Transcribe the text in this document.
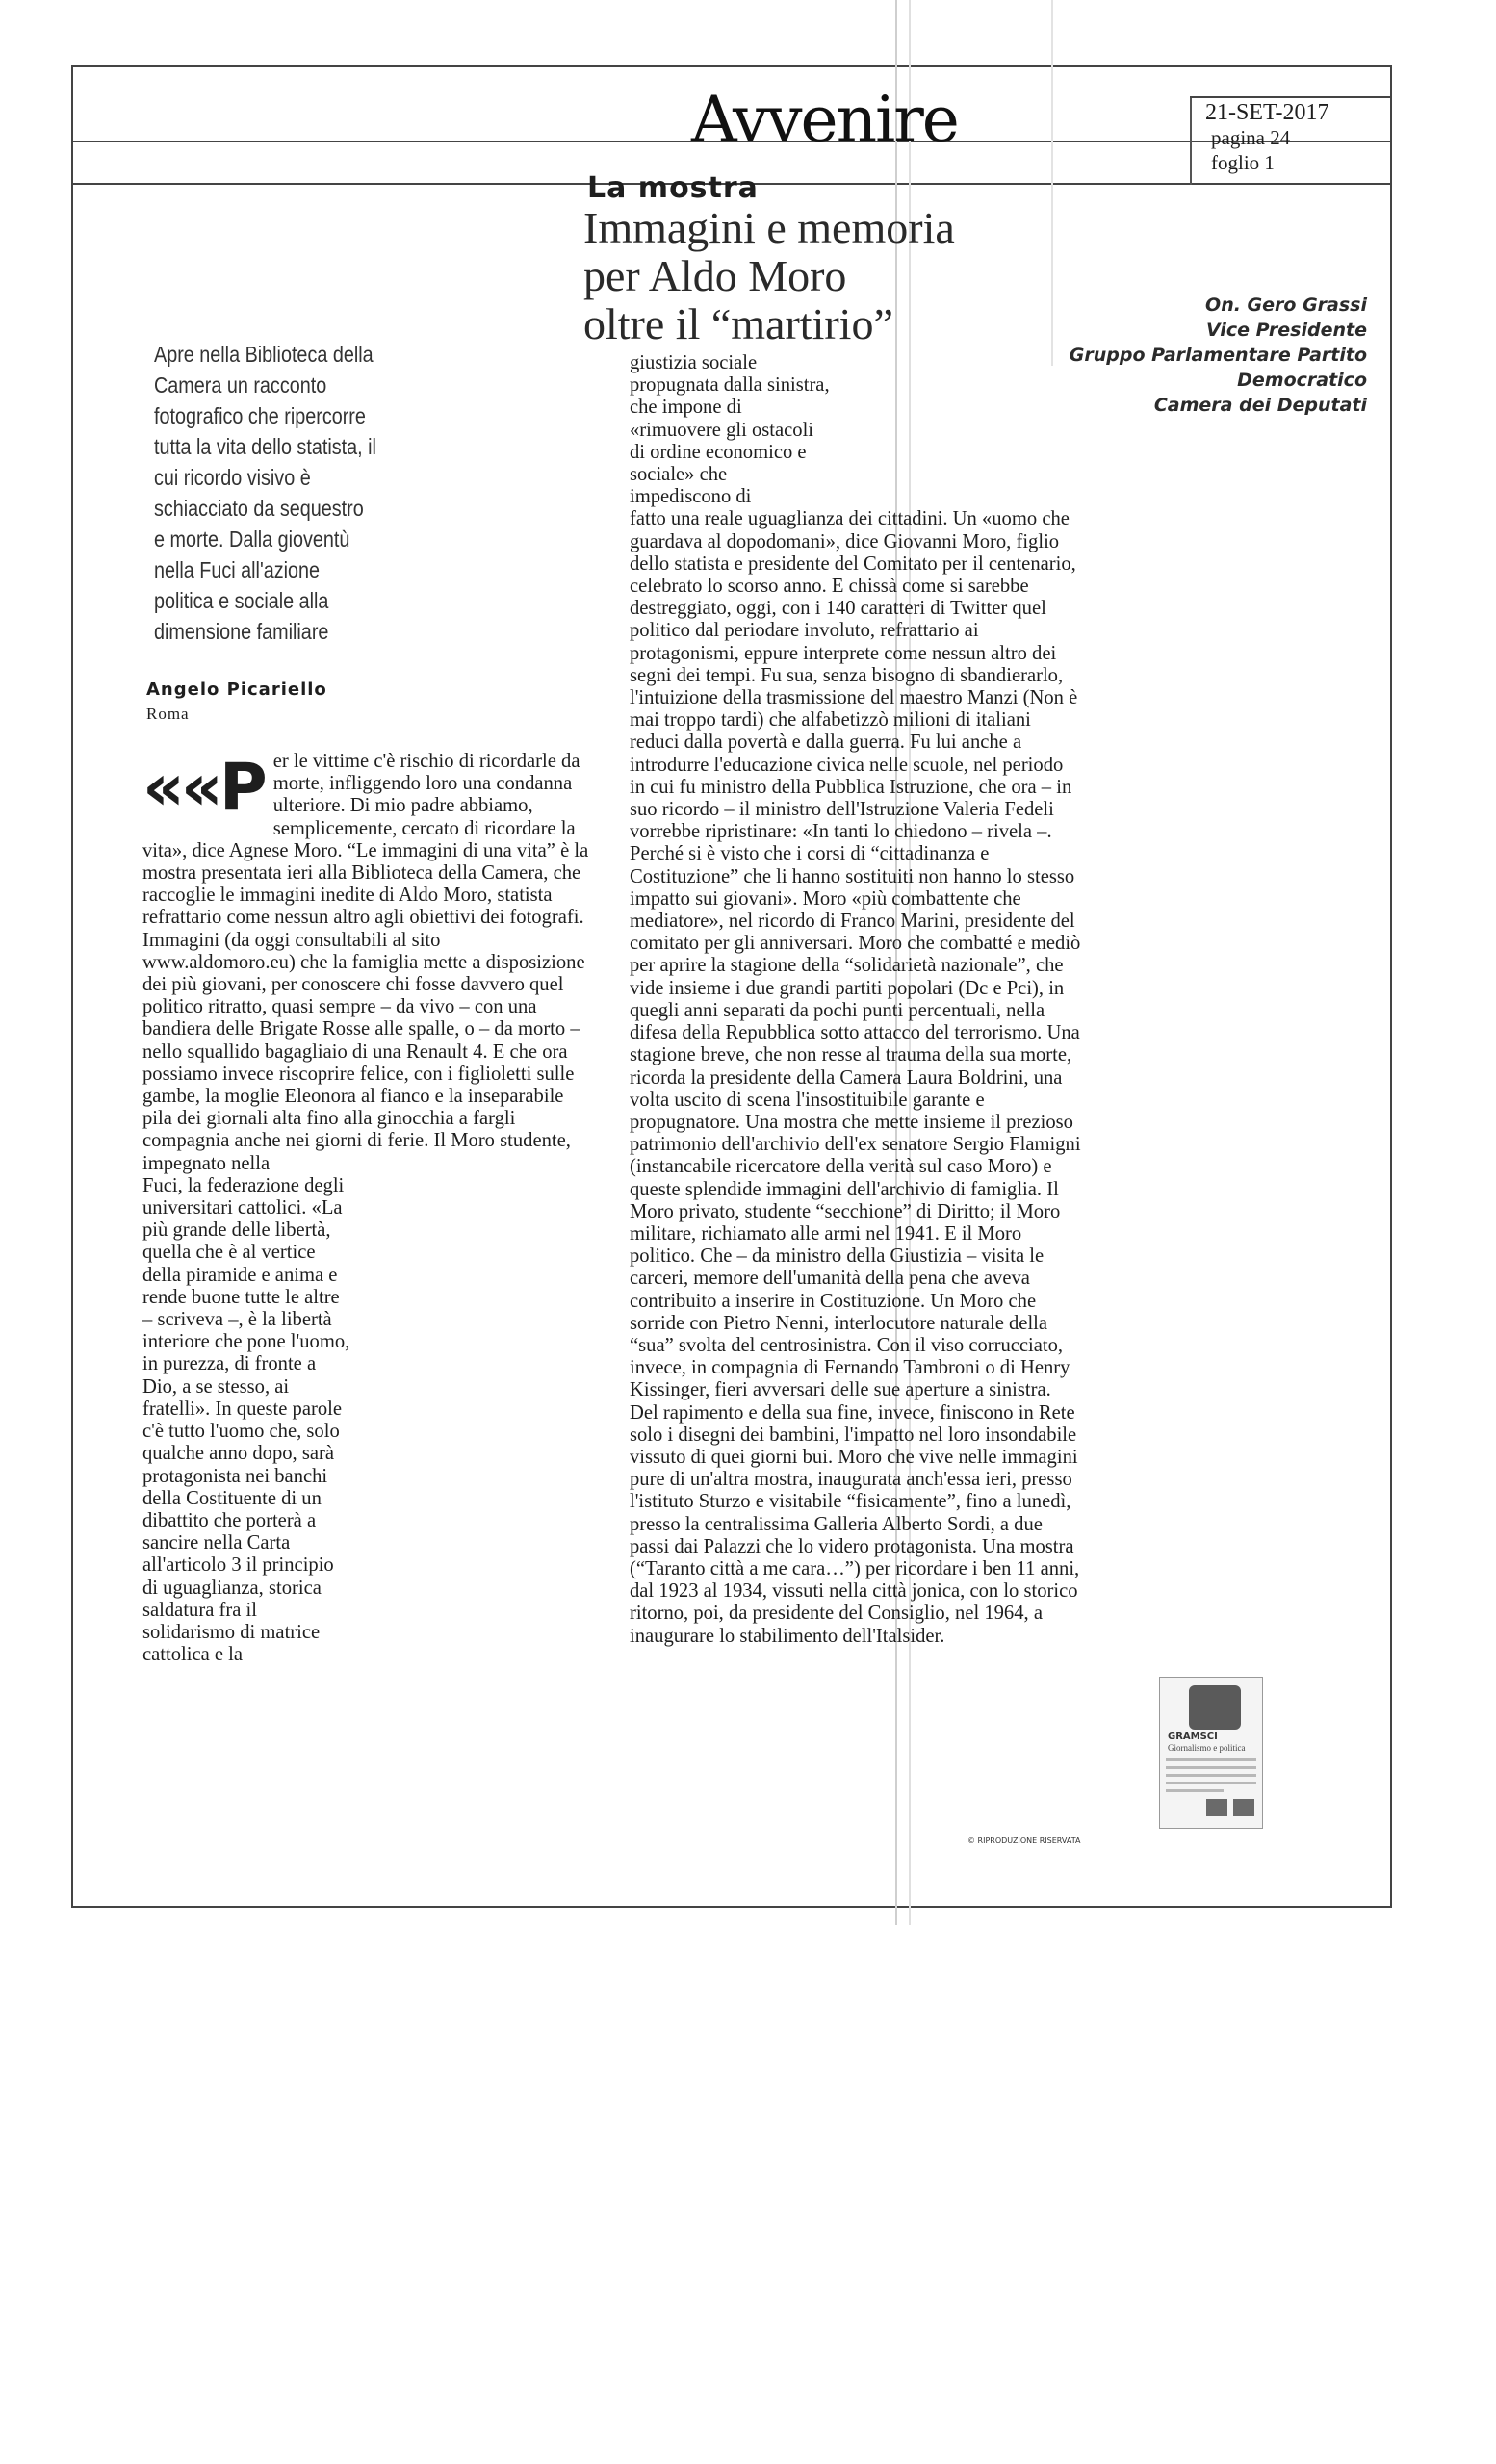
Avvenire	21-SET-2017
pagina 24
foglio 1
La mostra
Immagini e memoria
per Aldo Moro
oltre il “martirio”	On. Gero Grassi
Vice Presidente
Gruppo Parlamentare Partito Democratico
Camera dei Deputati
Apre nella Biblioteca della Camera un racconto fotografico che ripercorre tutta la vita dello statista, il cui ricordo visivo è schiacciato da sequestro e morte. Dalla gioventù nella Fuci all'azione politica e sociale alla dimensione familiare
Angelo Picariello
Roma

««P er le vittime c'è rischio di ricordarle da morte, infliggendo loro una condanna ulteriore. Di mio padre abbiamo, semplicemente, cercato di ricordare la vita», dice Agnese Moro. “Le immagini di una vita” è la mostra presentata ieri alla Biblioteca della Camera, che raccoglie le immagini inedite di Aldo Moro, statista refrattario come nessun altro agli obiettivi dei fotografi. Immagini (da oggi consultabili al sito www.aldomoro.eu) che la famiglia mette a disposizione dei più giovani, per conoscere chi fosse davvero quel politico ritratto, quasi sempre – da vivo – con una bandiera delle Brigate Rosse alle spalle, o – da morto – nello squallido bagagliaio di una Renault 4. E che ora possiamo invece riscoprire felice, con i figlioletti sulle gambe, la moglie Eleonora al fianco e la inseparabile pila dei giornali alta fino alla ginocchia a fargli compagnia anche nei giorni di ferie. Il Moro studente, impegnato nella

Fuci, la federazione degli universitari cattolici. «La più grande delle libertà, quella che è al vertice della piramide e anima e rende buone tutte le altre – scriveva –, è la libertà interiore che pone l'uomo, in purezza, di fronte a Dio, a se stesso, ai fratelli». In queste parole c'è tutto l'uomo che, solo qualche anno dopo, sarà protagonista nei banchi della Costituente di un dibattito che porterà a sancire nella Carta all'articolo 3 il principio di uguaglianza, storica saldatura fra il solidarismo di matrice cattolica e la

giustizia sociale propugnata dalla sinistra, che impone di «rimuovere gli ostacoli di ordine economico e sociale» che impediscono di

fatto una reale uguaglianza dei cittadini. Un «uomo che guardava al dopodomani», dice Giovanni Moro, figlio dello statista e presidente del Comitato per il centenario, celebrato lo scorso anno. E chissà come si sarebbe destreggiato, oggi, con i 140 caratteri di Twitter quel politico dal periodare involuto, refrattario ai protagonismi, eppure interprete come nessun altro dei segni dei tempi. Fu sua, senza bisogno di sbandierarlo, l'intuizione della trasmissione del maestro Manzi (Non è mai troppo tardi) che alfabetizzò milioni di italiani reduci dalla povertà e dalla guerra. Fu lui anche a introdurre l'educazione civica nelle scuole, nel periodo in cui fu ministro della Pubblica Istruzione, che ora – in suo ricordo – il ministro dell'Istruzione Valeria Fedeli vorrebbe ripristinare: «In tanti lo chiedono – rivela –. Perché si è visto che i corsi di “cittadinanza e Costituzione” che li hanno sostituiti non hanno lo stesso impatto sui giovani». Moro «più combattente che mediatore», nel ricordo di Franco Marini, presidente del comitato per gli anniversari. Moro che combatté e mediò per aprire la stagione della “solidarietà nazionale”, che vide insieme i due grandi partiti popolari (Dc e Pci), in quegli anni separati da pochi punti percentuali, nella difesa della Repubblica sotto attacco del terrorismo. Una stagione breve, che non resse al trauma della sua morte, ricorda la presidente della Camera Laura Boldrini, una volta uscito di scena l'insostituibile garante e propugnatore. Una mostra che mette insieme il prezioso patrimonio dell'archivio dell'ex senatore Sergio Flamigni (instancabile ricercatore della verità sul caso Moro) e queste splendide immagini dell'archivio di famiglia. Il Moro privato, studente “secchione” di Diritto; il Moro militare, richiamato alle armi nel 1941. E il Moro politico. Che – da ministro della Giustizia – visita le carceri, memore dell'umanità della pena che aveva contribuito a inserire in Costituzione. Un Moro che sorride con Pietro Nenni, interlocutore naturale della “sua” svolta del centrosinistra. Con il viso corrucciato, invece, in compagnia di Fernando Tambroni o di Henry Kissinger, fieri avversari delle sue aperture a sinistra. Del rapimento e della sua fine, invece, finiscono in Rete solo i disegni dei bambini, l'impatto nel loro insondabile vissuto di quei giorni bui. Moro che vive nelle immagini pure di un'altra mostra, inaugurata anch'essa ieri, presso l'istituto Sturzo e visitabile “fisicamente”, fino a lunedì, presso la centralissima Galleria Alberto Sordi, a due passi dai Palazzi che lo videro protagonista. Una mostra (“Taranto città a me cara…”) per ricordare i ben 11 anni, dal 1923 al 1934, vissuti nella città jonica, con lo storico ritorno, poi, da presidente del Consiglio, nel 1964, a inaugurare lo stabilimento dell'Italsider.

© RIPRODUZIONE RISERVATA
GRAMSCI
Giornalismo e politica
